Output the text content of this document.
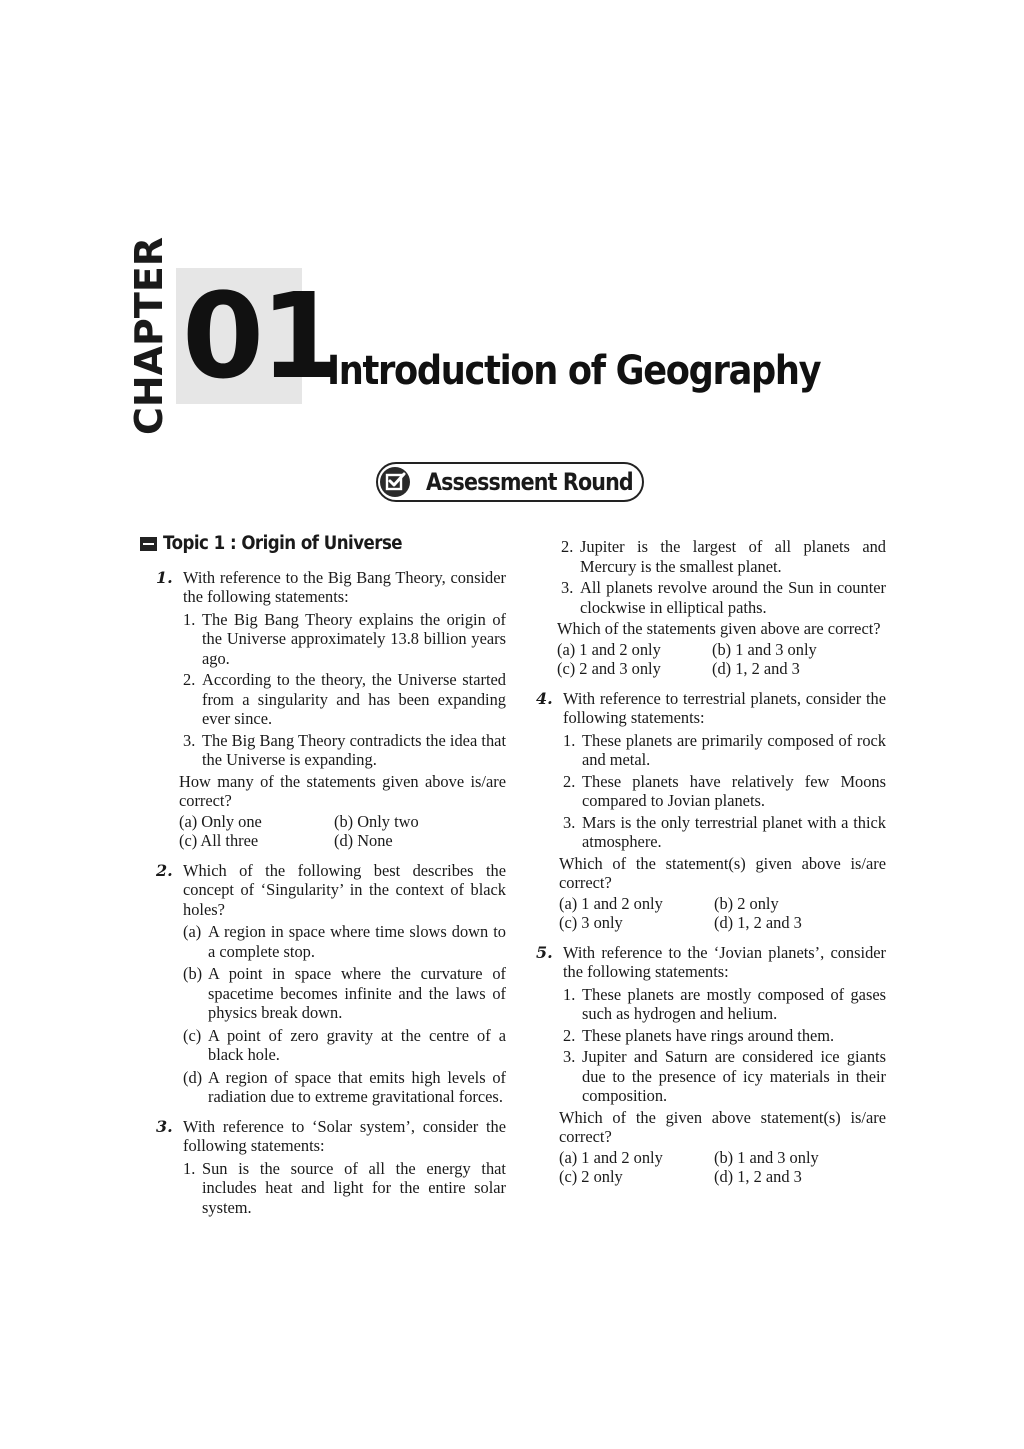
CHAPTER 01
Introduction of Geography
Assessment Round
Topic 1 : Origin of Universe
1. With reference to the Big Bang Theory, consider the following statements:
1. The Big Bang Theory explains the origin of the Universe approximately 13.8 billion years ago.
2. According to the theory, the Universe started from a singularity and has been expanding ever since.
3. The Big Bang Theory contradicts the idea that the Universe is expanding.
How many of the statements given above is/are correct?
(a) Only one	(b) Only two
(c) All three	(d) None
2. Which of the following best describes the concept of ‘Singularity’ in the context of black holes?
(a) A region in space where time slows down to a complete stop.
(b) A point in space where the curvature of spacetime becomes infinite and the laws of physics break down.
(c) A point of zero gravity at the centre of a black hole.
(d) A region of space that emits high levels of radiation due to extreme gravitational forces.
3. With reference to ‘Solar system’, consider the following statements:
1. Sun is the source of all the energy that includes heat and light for the entire solar system.
2. Jupiter is the largest of all planets and Mercury is the smallest planet.
3. All planets revolve around the Sun in counter clockwise in elliptical paths.
Which of the statements given above are correct?
(a) 1 and 2 only	(b) 1 and 3 only
(c) 2 and 3 only	(d) 1, 2 and 3
4. With reference to terrestrial planets, consider the following statements:
1. These planets are primarily composed of rock and metal.
2. These planets have relatively few Moons compared to Jovian planets.
3. Mars is the only terrestrial planet with a thick atmosphere.
Which of the statement(s) given above is/are correct?
(a) 1 and 2 only	(b) 2 only
(c) 3 only	(d) 1, 2 and 3
5. With reference to the ‘Jovian planets’, consider the following statements:
1. These planets are mostly composed of gases such as hydrogen and helium.
2. These planets have rings around them.
3. Jupiter and Saturn are considered ice giants due to the presence of icy materials in their composition.
Which of the given above statement(s) is/are correct?
(a) 1 and 2 only	(b) 1 and 3 only
(c) 2 only	(d) 1, 2 and 3
